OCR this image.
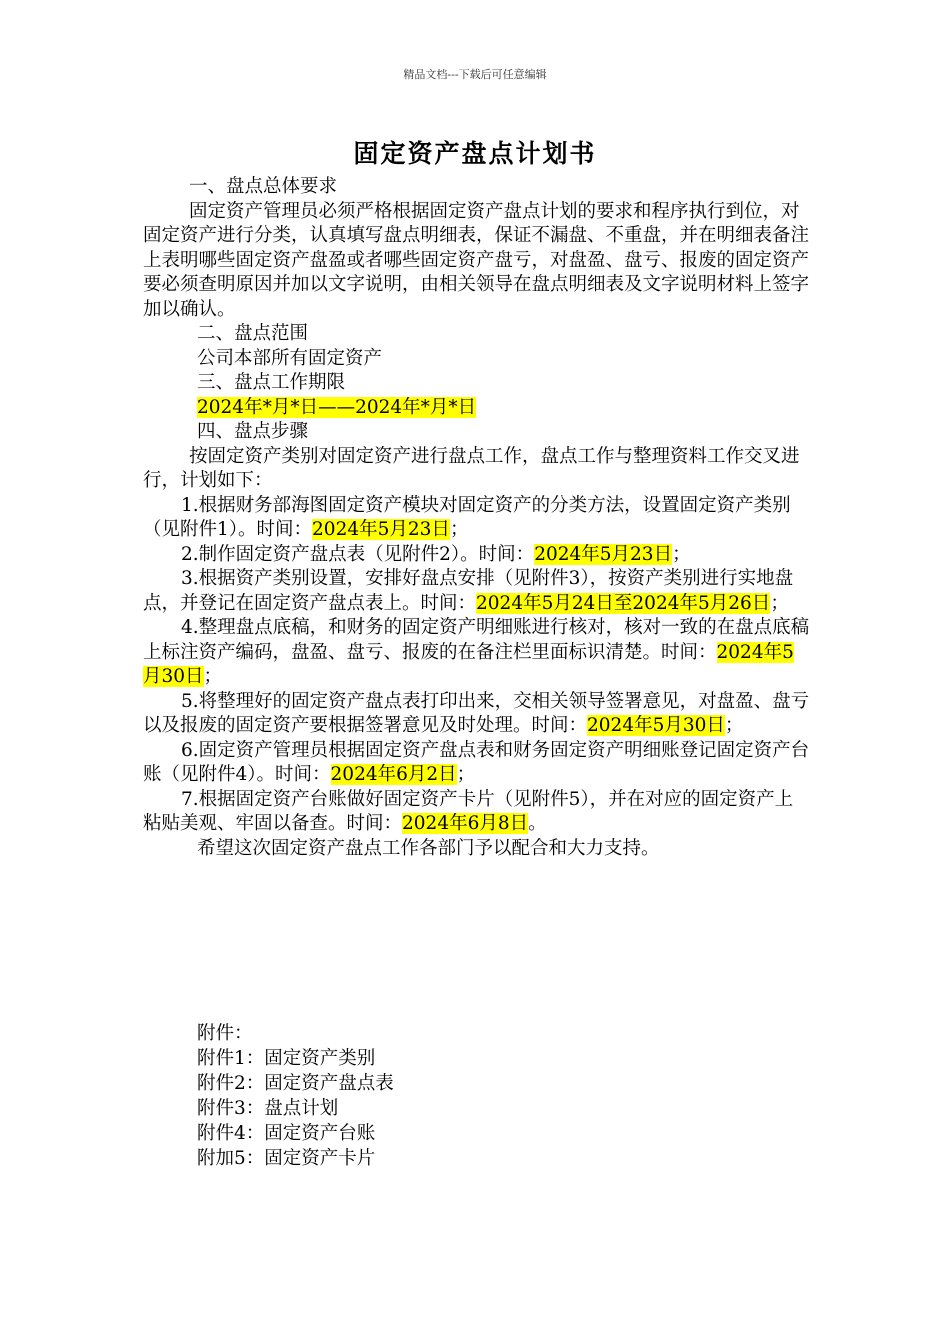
精品文档---下载后可任意编辑
固定资产盘点计划书

一、盘点总体要求

固定资产管理员必须严格根据固定资产盘点计划的要求和程序执行到位，对固定资产进行分类，认真填写盘点明细表，保证不漏盘、不重盘，并在明细表备注上表明哪些固定资产盘盈或者哪些固定资产盘亏，对盘盈、盘亏、报废的固定资产要必须查明原因并加以文字说明，由相关领导在盘点明细表及文字说明材料上签字加以确认。

二、盘点范围

公司本部所有固定资产

三、盘点工作期限

2024年*月*日——2024年*月*日

四、盘点步骤

按固定资产类别对固定资产进行盘点工作，盘点工作与整理资料工作交叉进行，计划如下：

1.根据财务部海图固定资产模块对固定资产的分类方法，设置固定资产类别（见附件1）。时间：2024年5月23日；

2.制作固定资产盘点表（见附件2）。时间：2024年5月23日；

3.根据资产类别设置，安排好盘点安排（见附件3），按资产类别进行实地盘点，并登记在固定资产盘点表上。时间：2024年5月24日至2024年5月26日；

4.整理盘点底稿，和财务的固定资产明细账进行核对，核对一致的在盘点底稿上标注资产编码，盘盈、盘亏、报废的在备注栏里面标识清楚。时间：2024年5月30日；

5.将整理好的固定资产盘点表打印出来，交相关领导签署意见，对盘盈、盘亏以及报废的固定资产要根据签署意见及时处理。时间：2024年5月30日；

6.固定资产管理员根据固定资产盘点表和财务固定资产明细账登记固定资产台账（见附件4）。时间：2024年6月2日；

7.根据固定资产台账做好固定资产卡片（见附件5），并在对应的固定资产上粘贴美观、牢固以备查。时间：2024年6月8日。

希望这次固定资产盘点工作各部门予以配合和大力支持。

附件：

附件1：固定资产类别

附件2：固定资产盘点表

附件3：盘点计划

附件4：固定资产台账

附加5：固定资产卡片
